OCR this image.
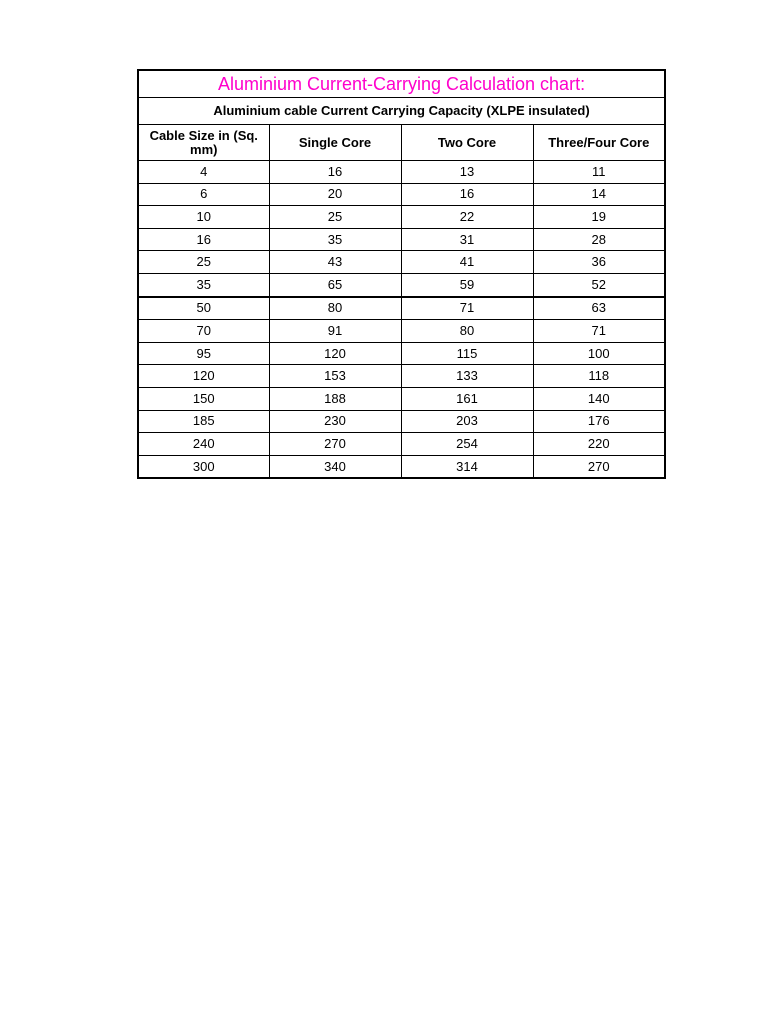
Aluminium Current-Carrying Calculation chart:			
Aluminium cable Current Carrying Capacity (XLPE insulated)			
Cable Size in (Sq. mm)	Single Core	Two Core	Three/Four Core
4	16	13	11
6	20	16	14
10	25	22	19
16	35	31	28
25	43	41	36
35	65	59	52
50	80	71	63
70	91	80	71
95	120	115	100
120	153	133	118
150	188	161	140
185	230	203	176
240	270	254	220
300	340	314	270
